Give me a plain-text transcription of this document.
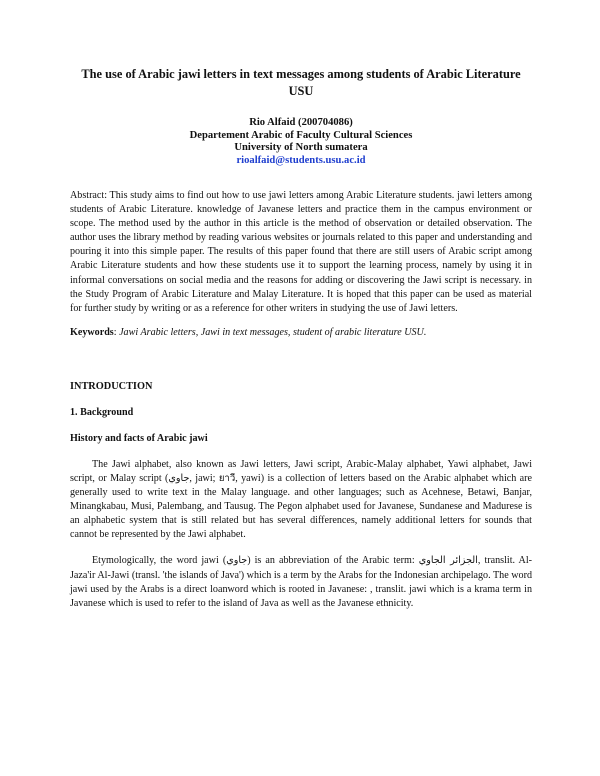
The use of Arabic jawi letters in text messages among students of Arabic Literature USU
Rio Alfaid (200704086)
Departement Arabic of Faculty Cultural Sciences
University of North sumatera
rioalfaid@students.usu.ac.id

Abstract: This study aims to find out how to use jawi letters among Arabic Literature students. jawi letters among students of Arabic Literature. knowledge of Javanese letters and practice them in the campus environment or scope. The method used by the author in this article is the method of observation or detailed observation. The author uses the library method by reading various websites or journals related to this paper and understanding and pouring it into this simple paper. The results of this paper found that there are still users of Arabic script among Arabic Literature students and how these students use it to support the learning process, namely by using it in informal conversations on social media and the reasons for adding or discovering the Jawi script is necessary. in the Study Program of Arabic Literature and Malay Literature. It is hoped that this paper can be used as material for further study by writing or as a reference for other writers in studying the use of Jawi letters.

Keywords: Jawi Arabic letters, Jawi in text messages, student of arabic literature USU.
INTRODUCTION
1. Background
History and facts of Arabic jawi

The Jawi alphabet, also known as Jawi letters, Jawi script, Arabic-Malay alphabet, Yawi alphabet, Jawi script, or Malay script (جاوي, jawi; ยาวี, yawi) is a collection of letters based on the Arabic alphabet which are generally used to write text in the Malay language. and other languages; such as Acehnese, Betawi, Banjar, Minangkabau, Musi, Palembang, and Tausug. The Pegon alphabet used for Javanese, Sundanese and Madurese is an alphabetic system that is still related but has several differences, namely additional letters for sounds that cannot be represented by the Jawi alphabet.

Etymologically, the word jawi (جاوي) is an abbreviation of the Arabic term: الجزائر الجاوي, translit. Al-Jaza'ir Al-Jawi (transl. 'the islands of Java') which is a term by the Arabs for the Indonesian archipelago. The word jawi used by the Arabs is a direct loanword which is rooted in Javanese: , translit. jawi which is a krama term in Javanese which is used to refer to the island of Java as well as the Javanese ethnicity.
